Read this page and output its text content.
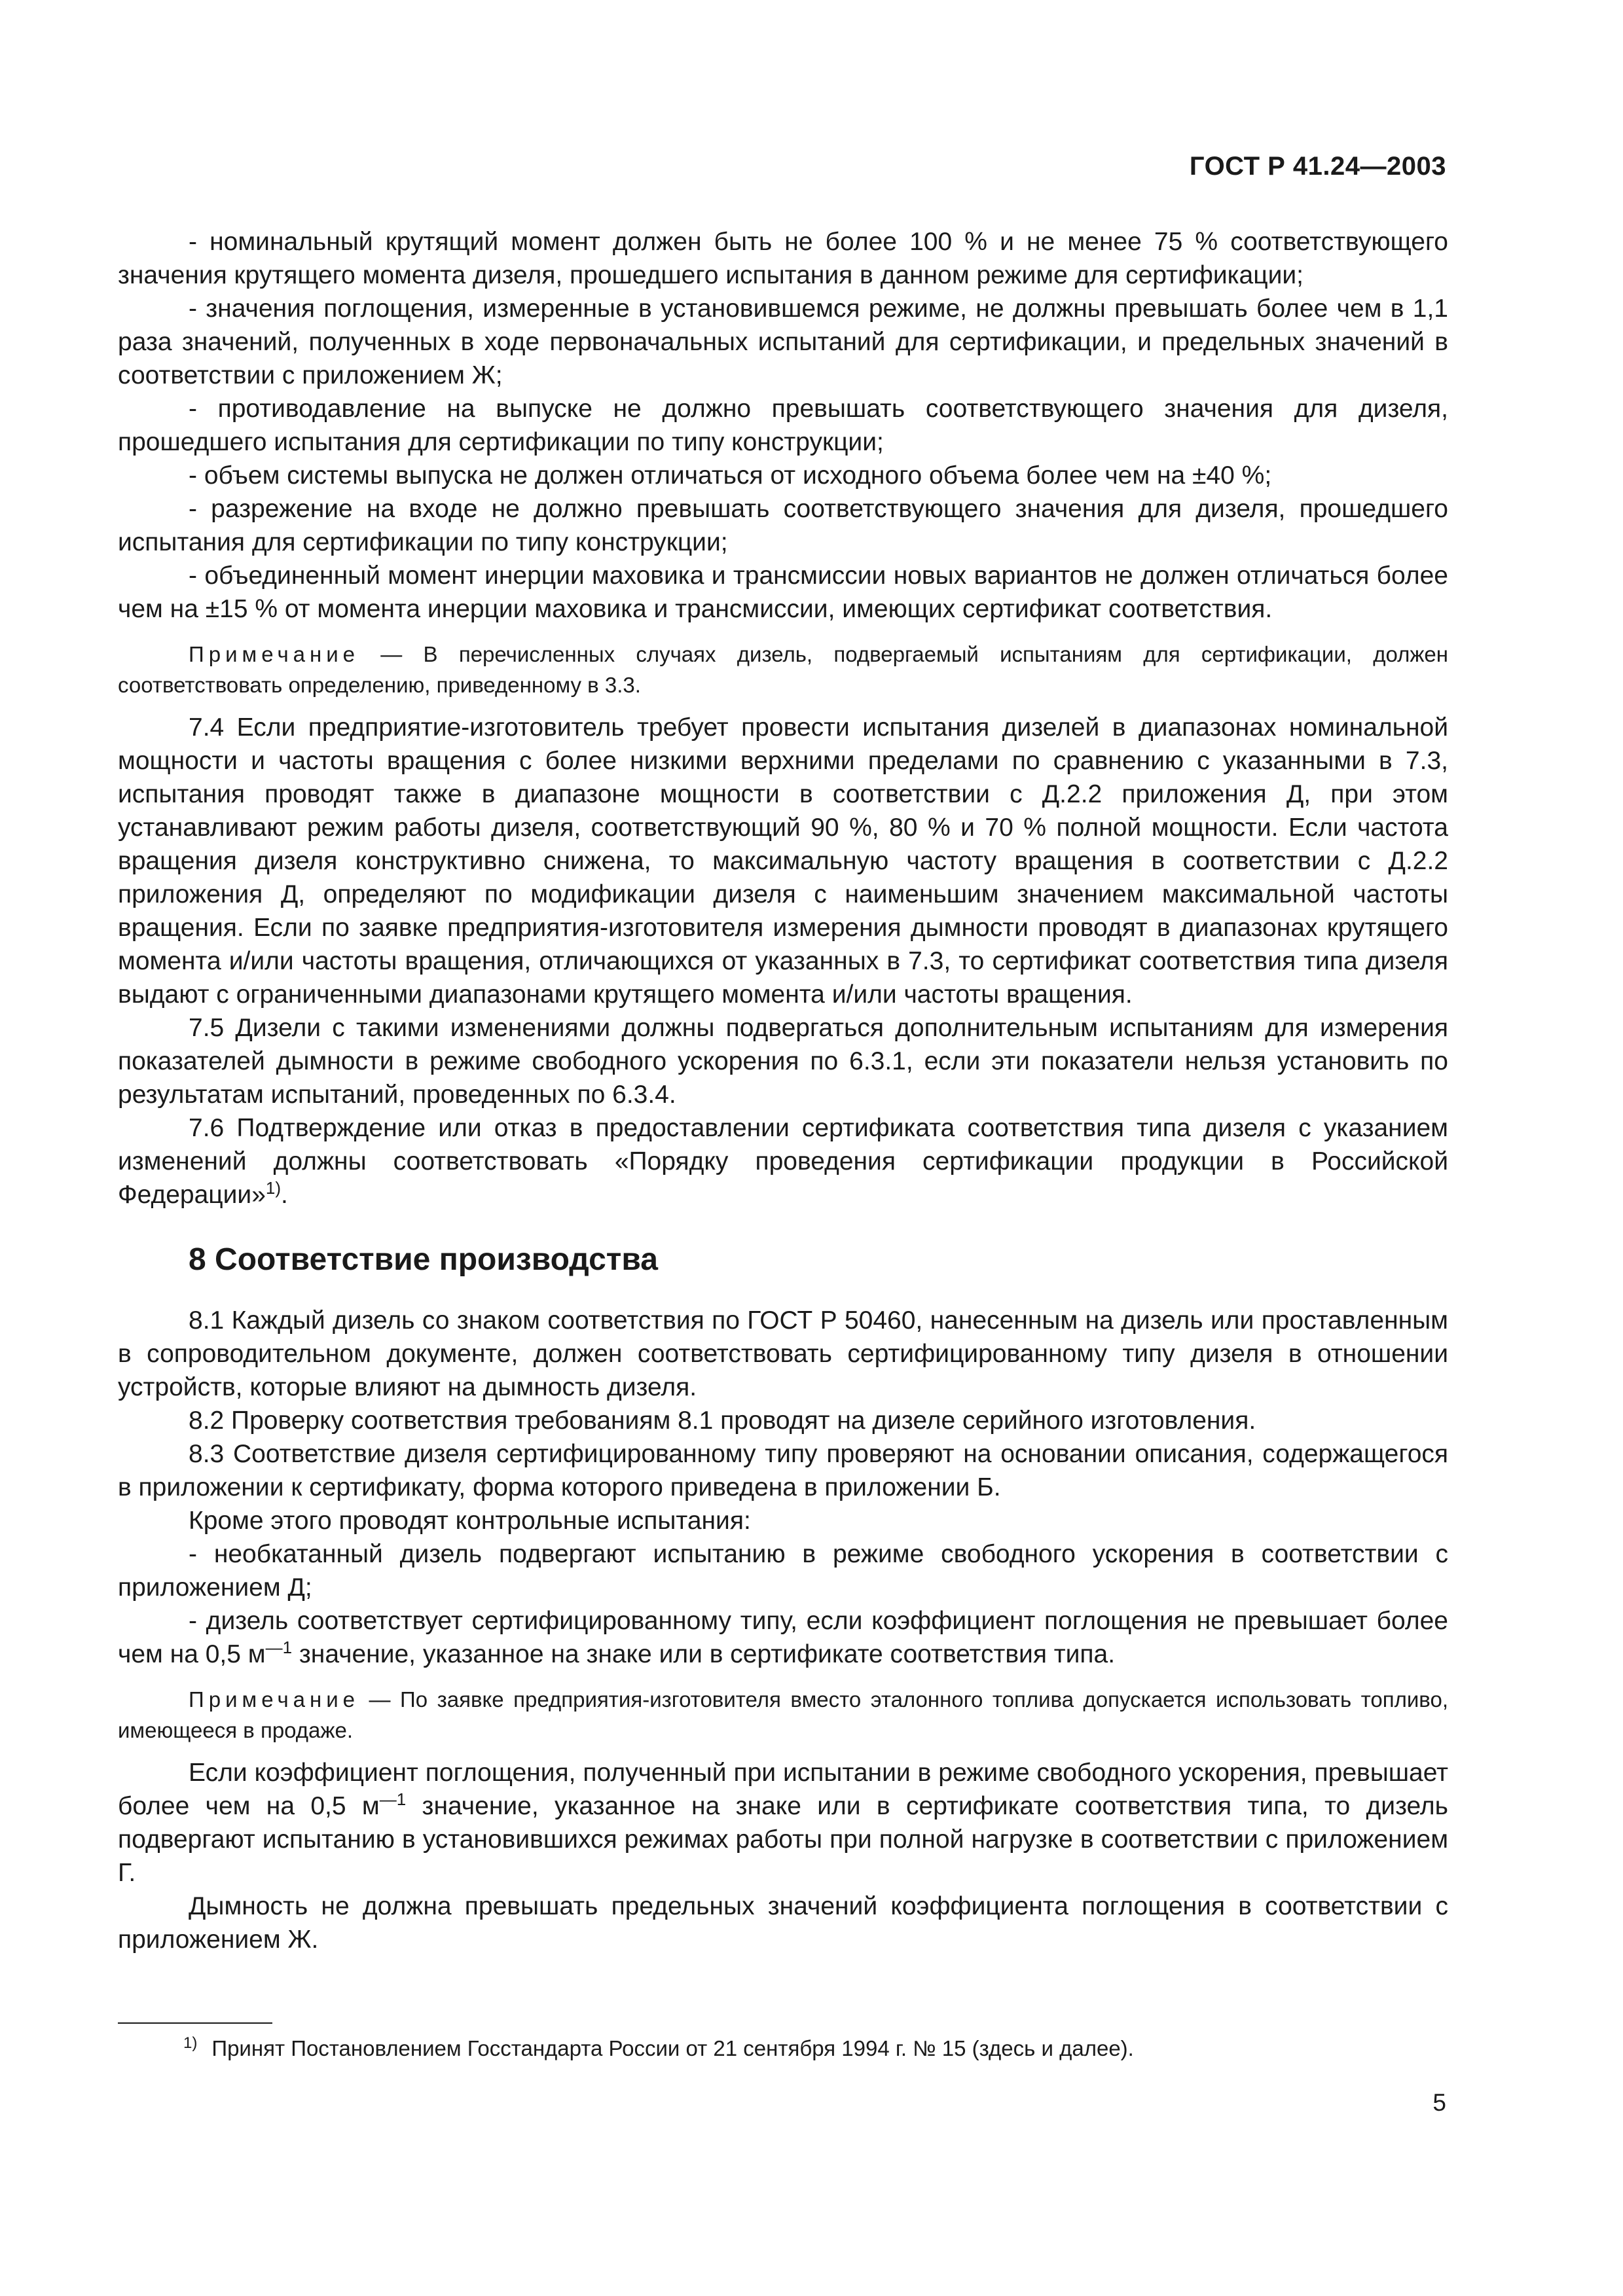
ГОСТ Р 41.24—2003

- номинальный крутящий момент должен быть не более 100 % и не менее 75 % соответствующего значения крутящего момента дизеля, прошедшего испытания в данном режиме для сертификации;

- значения поглощения, измеренные в установившемся режиме, не должны превышать более чем в 1,1 раза значений, полученных в ходе первоначальных испытаний для сертификации, и предельных значений в соответствии с приложением Ж;

- противодавление на выпуске не должно превышать соответствующего значения для дизеля, прошедшего испытания для сертификации по типу конструкции;

- объем системы выпуска не должен отличаться от исходного объема более чем на ±40 %;

- разрежение на входе не должно превышать соответствующего значения для дизеля, прошедшего испытания для сертификации по типу конструкции;

- объединенный момент инерции маховика и трансмиссии новых вариантов не должен отличаться более чем на ±15 % от момента инерции маховика и трансмиссии, имеющих сертификат соответствия.

Примечание — В перечисленных случаях дизель, подвергаемый испытаниям для сертификации, должен соответствовать определению, приведенному в 3.3.

7.4 Если предприятие-изготовитель требует провести испытания дизелей в диапазонах номинальной мощности и частоты вращения с более низкими верхними пределами по сравнению с указанными в 7.3, испытания проводят также в диапазоне мощности в соответствии с Д.2.2 приложения Д, при этом устанавливают режим работы дизеля, соответствующий 90 %, 80 % и 70 % полной мощности. Если частота вращения дизеля конструктивно снижена, то максимальную частоту вращения в соответствии с Д.2.2 приложения Д, определяют по модификации дизеля с наименьшим значением максимальной частоты вращения. Если по заявке предприятия-изготовителя измерения дымности проводят в диапазонах крутящего момента и/или частоты вращения, отличающихся от указанных в 7.3, то сертификат соответствия типа дизеля выдают с ограниченными диапазонами крутящего момента и/или частоты вращения.

7.5 Дизели с такими изменениями должны подвергаться дополнительным испытаниям для измерения показателей дымности в режиме свободного ускорения по 6.3.1, если эти показатели нельзя установить по результатам испытаний, проведенных по 6.3.4.

7.6 Подтверждение или отказ в предоставлении сертификата соответствия типа дизеля с указанием изменений должны соответствовать «Порядку проведения сертификации продукции в Российской Федерации»$^{1)}$.

8 Соответствие производства

8.1 Каждый дизель со знаком соответствия по ГОСТ Р 50460, нанесенным на дизель или проставленным в сопроводительном документе, должен соответствовать сертифицированному типу дизеля в отношении устройств, которые влияют на дымность дизеля.

8.2 Проверку соответствия требованиям 8.1 проводят на дизеле серийного изготовления.

8.3 Соответствие дизеля сертифицированному типу проверяют на основании описания, содержащегося в приложении к сертификату, форма которого приведена в приложении Б.

Кроме этого проводят контрольные испытания:

- необкатанный дизель подвергают испытанию в режиме свободного ускорения в соответствии с приложением Д;

- дизель соответствует сертифицированному типу, если коэффициент поглощения не превышает более чем на 0,5 $м^{—1}$ значение, указанное на знаке или в сертификате соответствия типа.

Примечание — По заявке предприятия-изготовителя вместо эталонного топлива допускается использовать топливо, имеющееся в продаже.

Если коэффициент поглощения, полученный при испытании в режиме свободного ускорения, превышает более чем на 0,5 $м^{—1}$ значение, указанное на знаке или в сертификате соответствия типа, то дизель подвергают испытанию в установившихся режимах работы при полной нагрузке в соответствии с приложением Г.

Дымность не должна превышать предельных значений коэффициента поглощения в соответствии с приложением Ж.

$^{1)}$ Принят Постановлением Госстандарта России от 21 сентября 1994 г. № 15 (здесь и далее).
5
